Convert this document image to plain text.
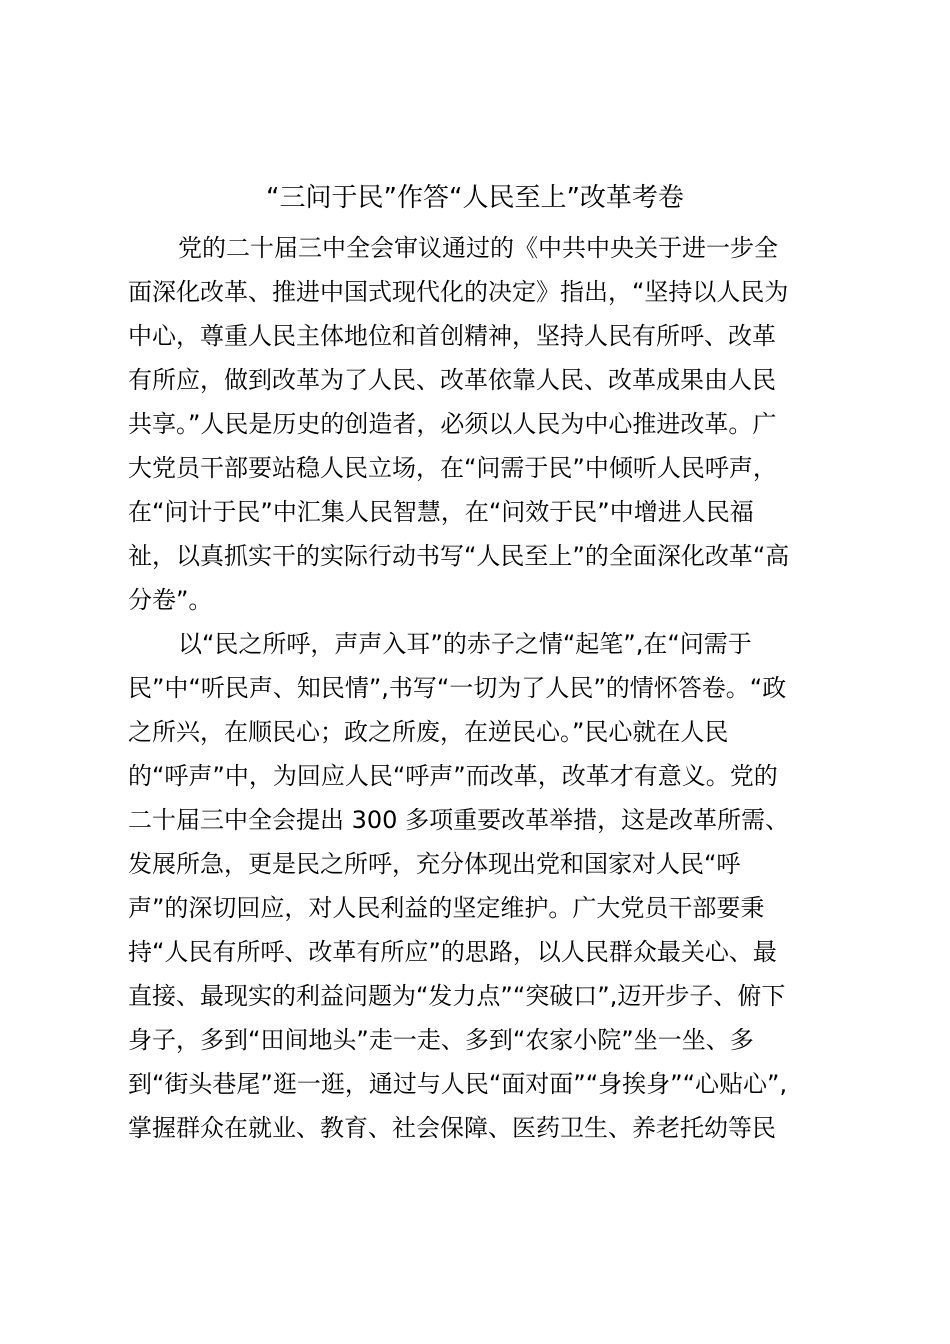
“三问于民”作答“人民至上”改革考卷
党的二十届三中全会审议通过的《中共中央关于进一步全
面深化改革、推进中国式现代化的决定》指出，“坚持以人民为
中心，尊重人民主体地位和首创精神，坚持人民有所呼、改革
有所应，做到改革为了人民、改革依靠人民、改革成果由人民
共享。”人民是历史的创造者，必须以人民为中心推进改革。广
大党员干部要站稳人民立场，在“问需于民”中倾听人民呼声，
在“问计于民”中汇集人民智慧，在“问效于民”中增进人民福
祉，以真抓实干的实际行动书写“人民至上”的全面深化改革“高
分卷”。
以“民之所呼，声声入耳”的赤子之情“起笔”,在“问需于
民”中“听民声、知民情”,书写“一切为了人民”的情怀答卷。“政
之所兴，在顺民心；政之所废，在逆民心。”民心就在人民
的“呼声”中，为回应人民“呼声”而改革，改革才有意义。党的
二十届三中全会提出 300 多项重要改革举措，这是改革所需、
发展所急，更是民之所呼，充分体现出党和国家对人民“呼
声”的深切回应，对人民利益的坚定维护。广大党员干部要秉
持“人民有所呼、改革有所应”的思路，以人民群众最关心、最
直接、最现实的利益问题为“发力点”“突破口”,迈开步子、俯下
身子，多到“田间地头”走一走、多到“农家小院”坐一坐、多
到“街头巷尾”逛一逛，通过与人民“面对面”“身挨身”“心贴心”,
掌握群众在就业、教育、社会保障、医药卫生、养老托幼等民
